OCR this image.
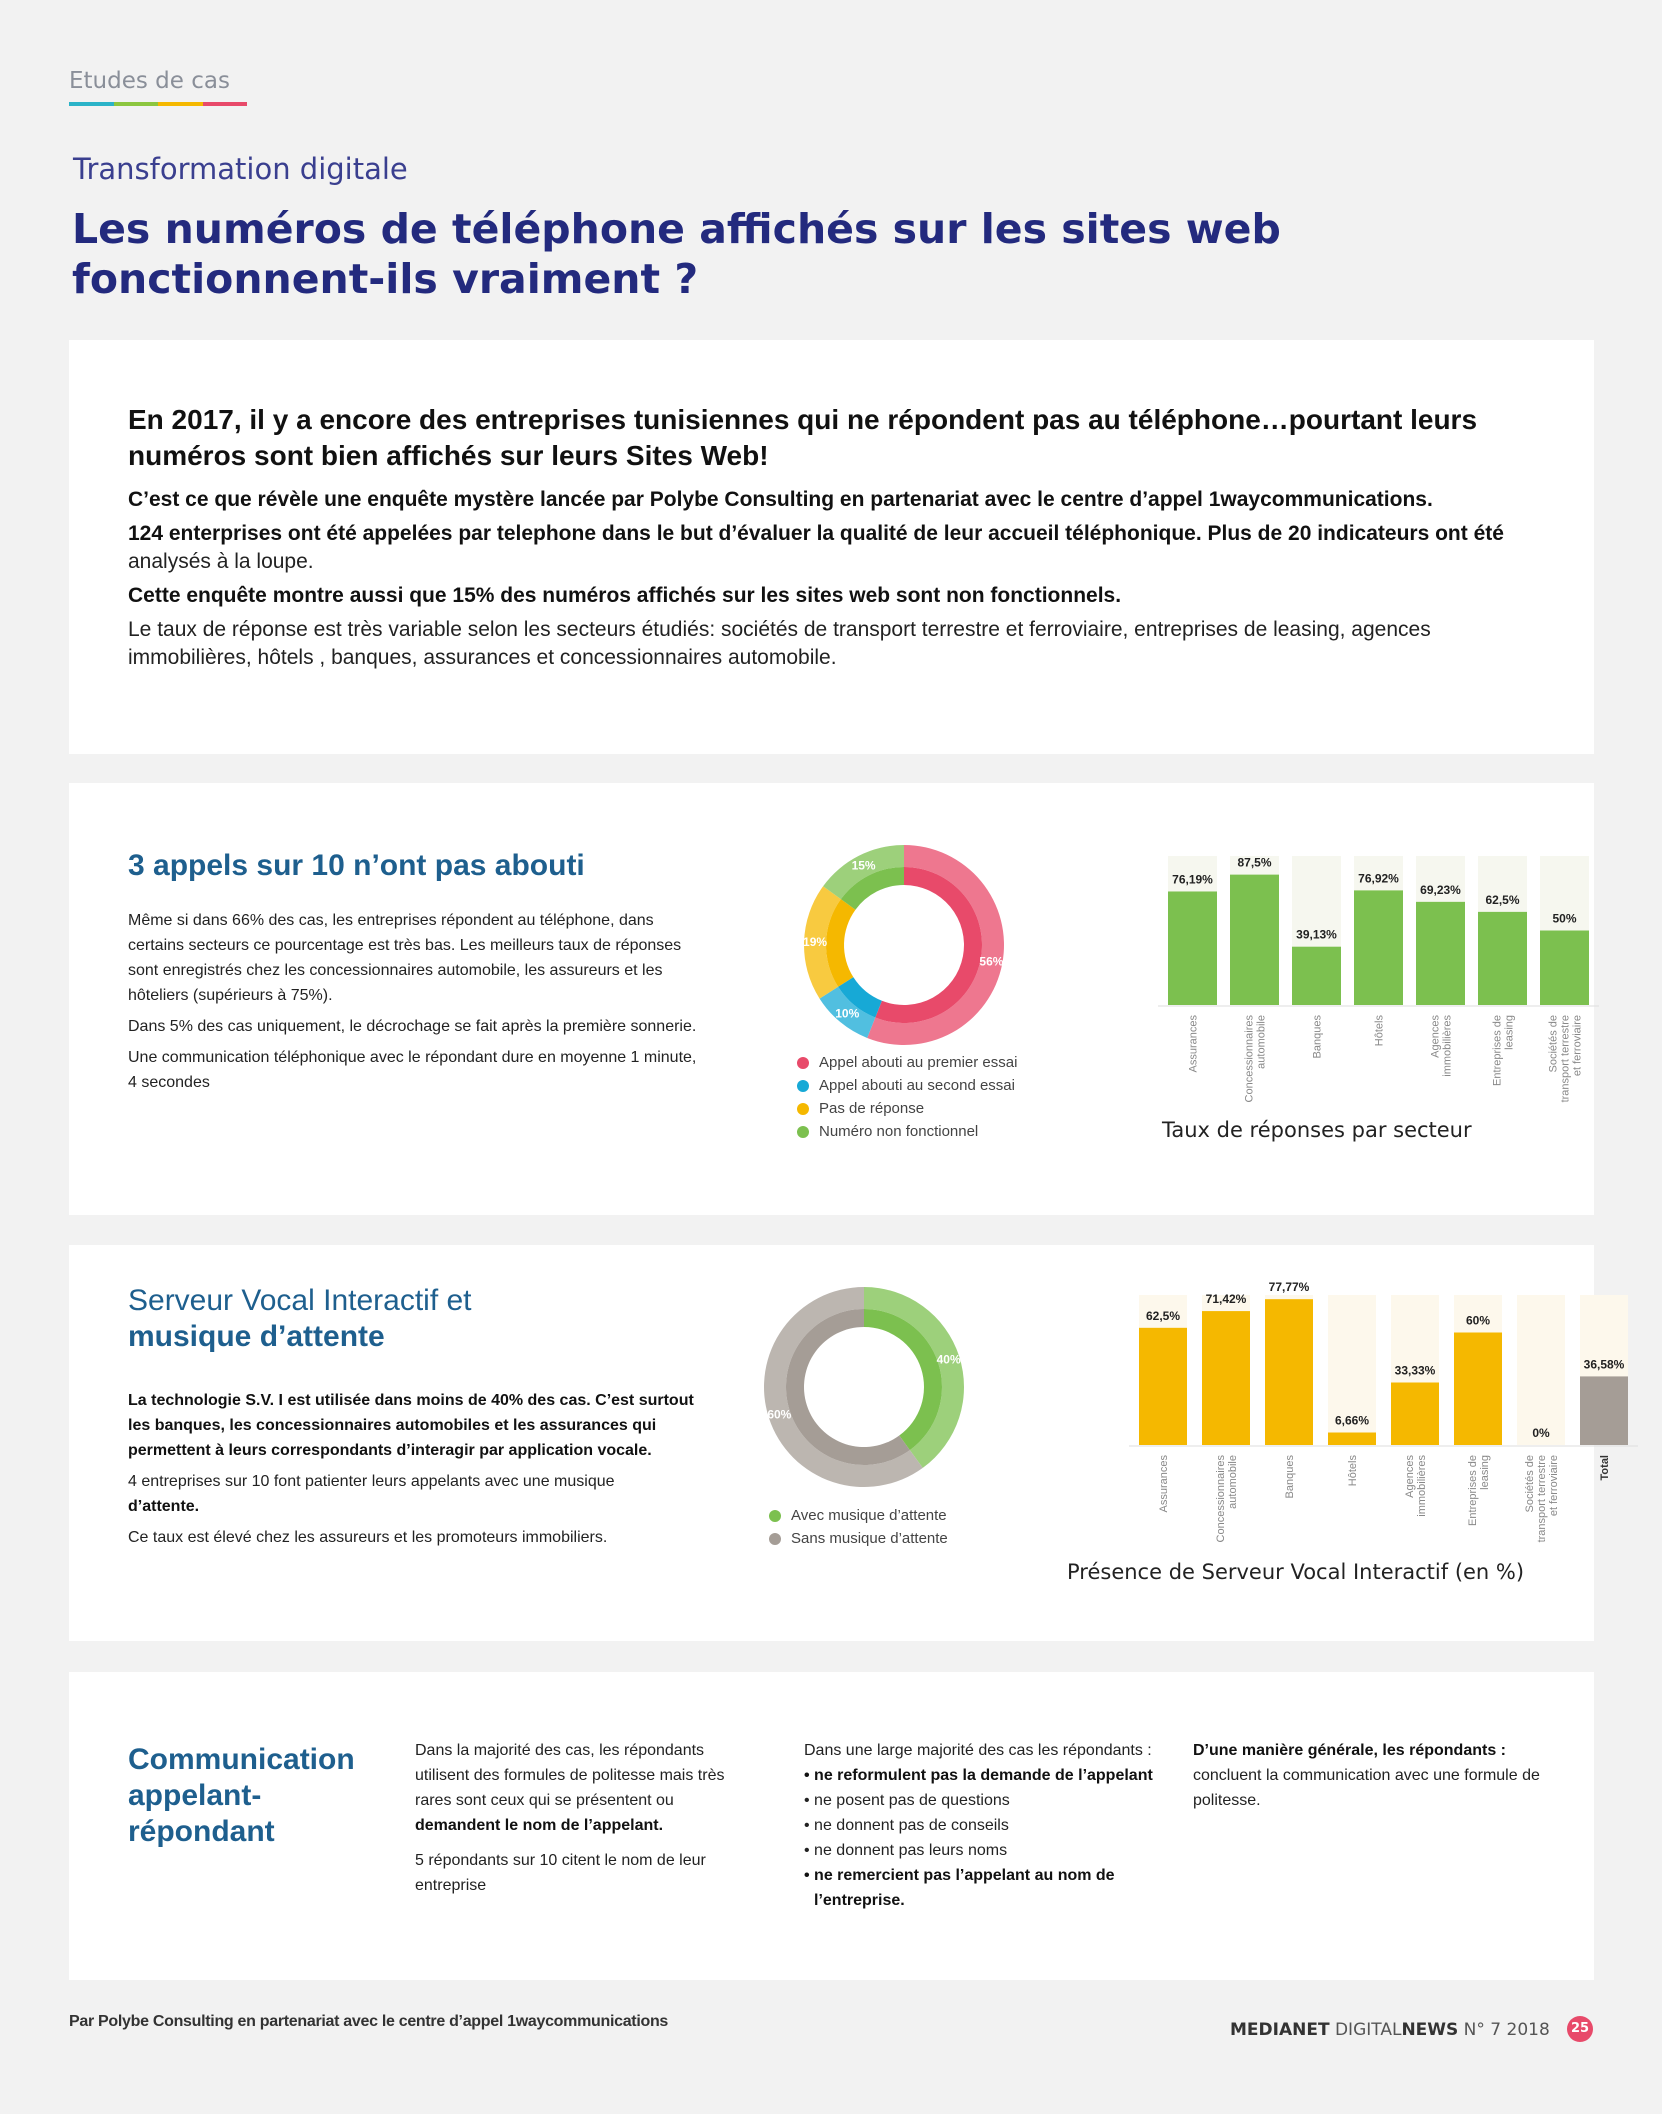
Etudes de cas
Transformation digitale
Les numéros de téléphone affichés sur les sites web
fonctionnent-ils vraiment ?
En 2017, il y a encore des entreprises tunisiennes qui ne répondent pas au téléphone…pourtant leurs
numéros sont bien affichés sur leurs Sites Web!
C’est ce que révèle une enquête mystère lancée par Polybe Consulting en partenariat avec le centre d’appel 1waycommunications.
124 enterprises ont été appelées par telephone dans le but d’évaluer la qualité de leur accueil téléphonique. Plus de 20 indicateurs ont été
analysés à la loupe.
Cette enquête montre aussi que 15% des numéros affichés sur les sites web sont non fonctionnels.
Le taux de réponse est très variable selon les secteurs étudiés: sociétés de transport terrestre et ferroviaire, entreprises de leasing, agences immobilières, hôtels , banques, assurances et concessionnaires automobile.
3 appels sur 10 n’ont pas abouti
Même si dans 66% des cas, les entreprises répondent au téléphone, dans certains secteurs ce pourcentage est très bas. Les meilleurs taux de réponses sont enregistrés chez les concessionnaires automobile, les assureurs et les hôteliers (supérieurs à 75%).
Dans 5% des cas uniquement, le décrochage se fait après la première sonnerie.
Une communication téléphonique avec le répondant dure en moyenne 1 minute, 4 secondes
56%
10%
19%
15%
Appel abouti au premier essai
Appel abouti au second essai
Pas de réponse
Numéro non fonctionnel
76,19%
Assurances
87,5%
Concessionnaires automobile
39,13%
Banques
76,92%
Hôtels
69,23%
Agences immobilières
62,5%
Entreprises de leasing
50%
Sociétés de transport terrestre et ferroviaire
Taux de réponses par secteur
Serveur Vocal Interactif et
musique d’attente
La technologie S.V. I est utilisée dans moins de 40% des cas. C’est surtout les banques, les concessionnaires automobiles et les assurances qui permettent à leurs correspondants d’interagir par application vocale.
4 entreprises sur 10 font patienter leurs appelants avec une musique
d’attente.
Ce taux est élevé chez les assureurs et les promoteurs immobiliers.
40%
60%
Avec musique d’attente
Sans musique d’attente
62,5%
Assurances
71,42%
Concessionnaires automobile
77,77%
Banques
6,66%
Hôtels
33,33%
Agences immobilières
60%
Entreprises de leasing
0%
Sociétés de transport terrestre et ferroviaire
36,58%
Total
Présence de Serveur Vocal Interactif (en %)
Communication
appelant-
répondant
Dans la majorité des cas, les répondants utilisent des formules de politesse mais très rares sont ceux qui se présentent ou
demandent le nom de l’appelant.
5 répondants sur 10 citent le nom de leur entreprise
Dans une large majorité des cas les répondants :
• ne reformulent pas la demande de l’appelant
• ne posent pas de questions
• ne donnent pas de conseils
• ne donnent pas leurs noms
• ne remercient pas l’appelant au nom de
l’entreprise.
D’une manière générale, les répondants :
concluent la communication avec une formule de politesse.
Par Polybe Consulting en partenariat avec le centre d’appel 1waycommunications	MEDIANET DIGITALNEWS N° 7 2018	25
